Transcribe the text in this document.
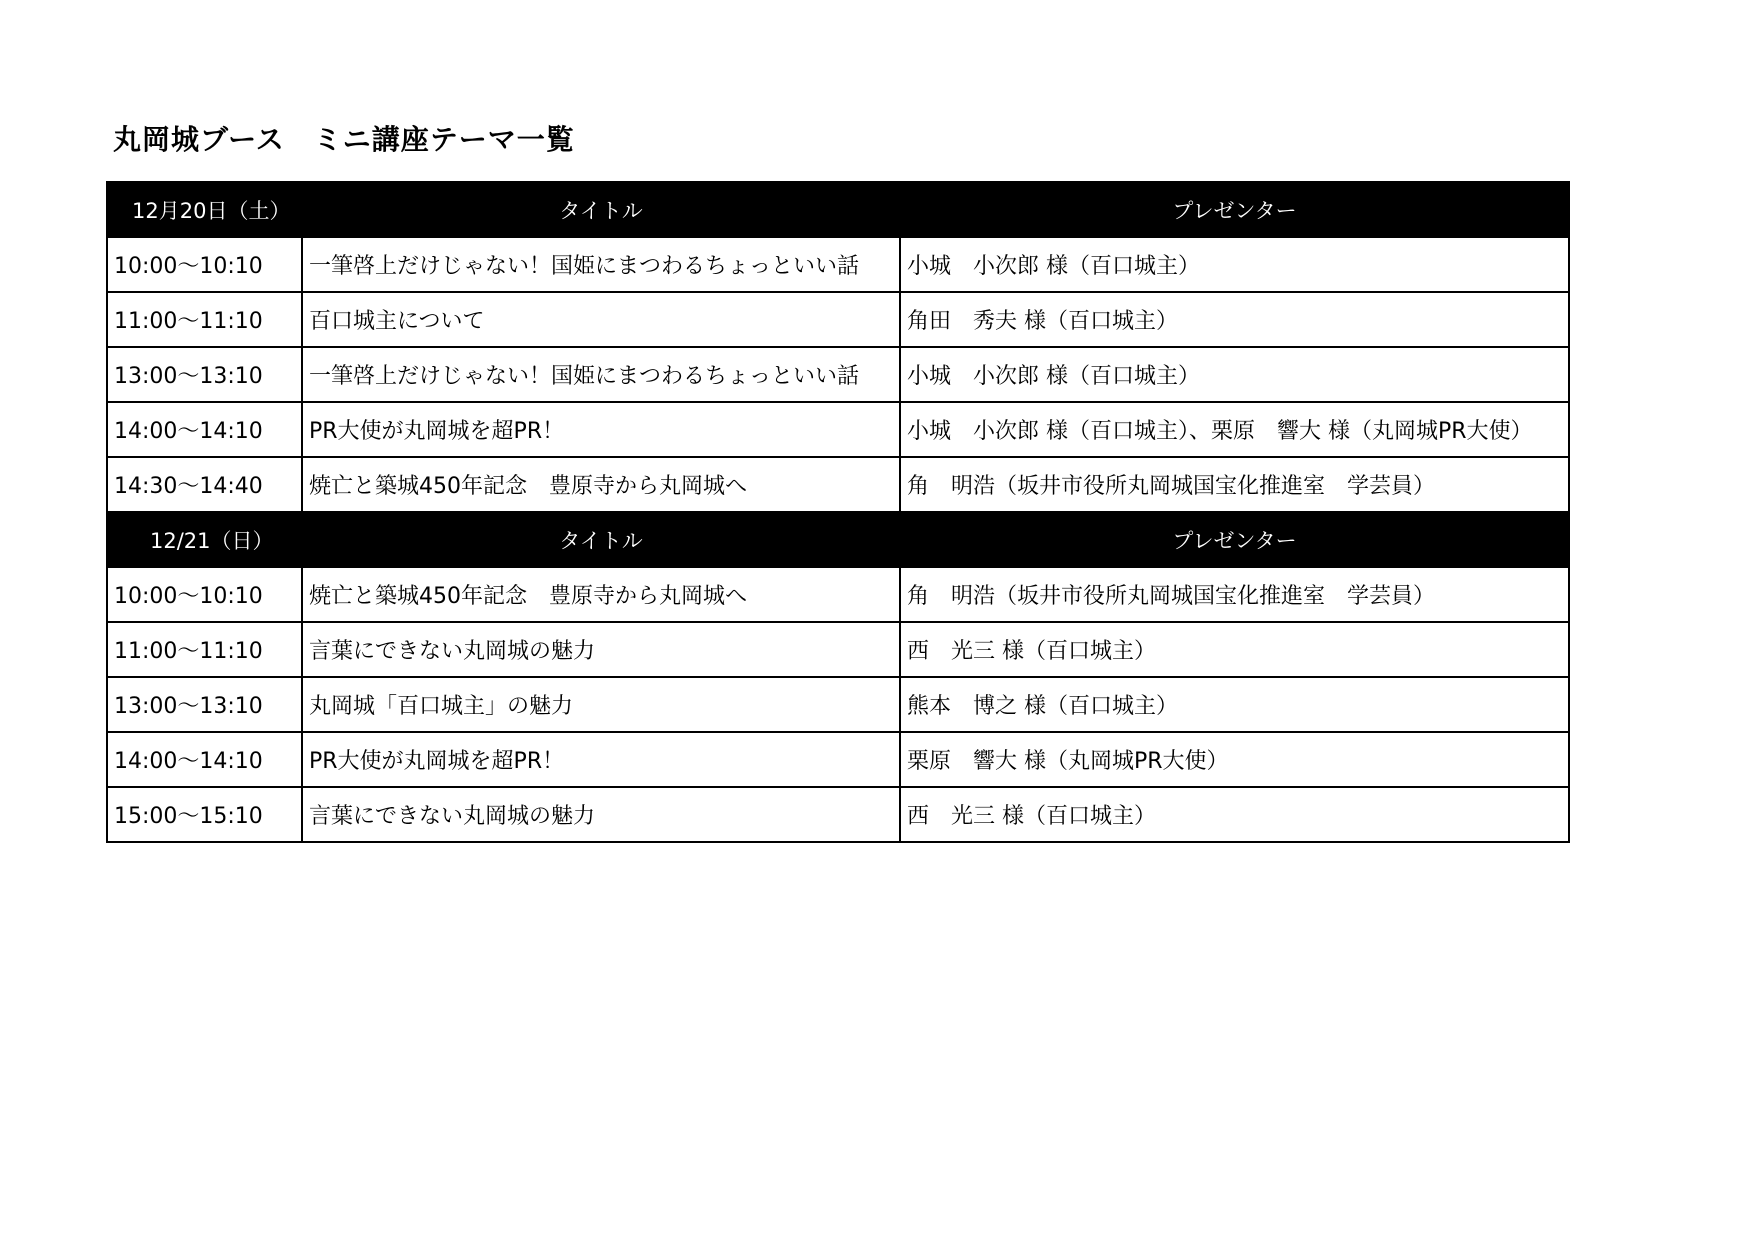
丸岡城ブース　ミニ講座テーマ一覧
12月20日（土）	タイトル	プレゼンター
10:00〜10:10	一筆啓上だけじゃない！国姫にまつわるちょっといい話	小城　小次郎 様（百口城主）
11:00〜11:10	百口城主について	角田　秀夫 様（百口城主）
13:00〜13:10	一筆啓上だけじゃない！国姫にまつわるちょっといい話	小城　小次郎 様（百口城主）
14:00〜14:10	PR大使が丸岡城を超PR！	小城　小次郎 様（百口城主）、栗原　響大 様（丸岡城PR大使）
14:30〜14:40	焼亡と築城450年記念　豊原寺から丸岡城へ	角　明浩（坂井市役所丸岡城国宝化推進室　学芸員）
12/21（日）	タイトル	プレゼンター
10:00〜10:10	焼亡と築城450年記念　豊原寺から丸岡城へ	角　明浩（坂井市役所丸岡城国宝化推進室　学芸員）
11:00〜11:10	言葉にできない丸岡城の魅力	西　光三 様（百口城主）
13:00〜13:10	丸岡城「百口城主」の魅力	熊本　博之 様（百口城主）
14:00〜14:10	PR大使が丸岡城を超PR！	栗原　響大 様（丸岡城PR大使）
15:00〜15:10	言葉にできない丸岡城の魅力	西　光三 様（百口城主）
